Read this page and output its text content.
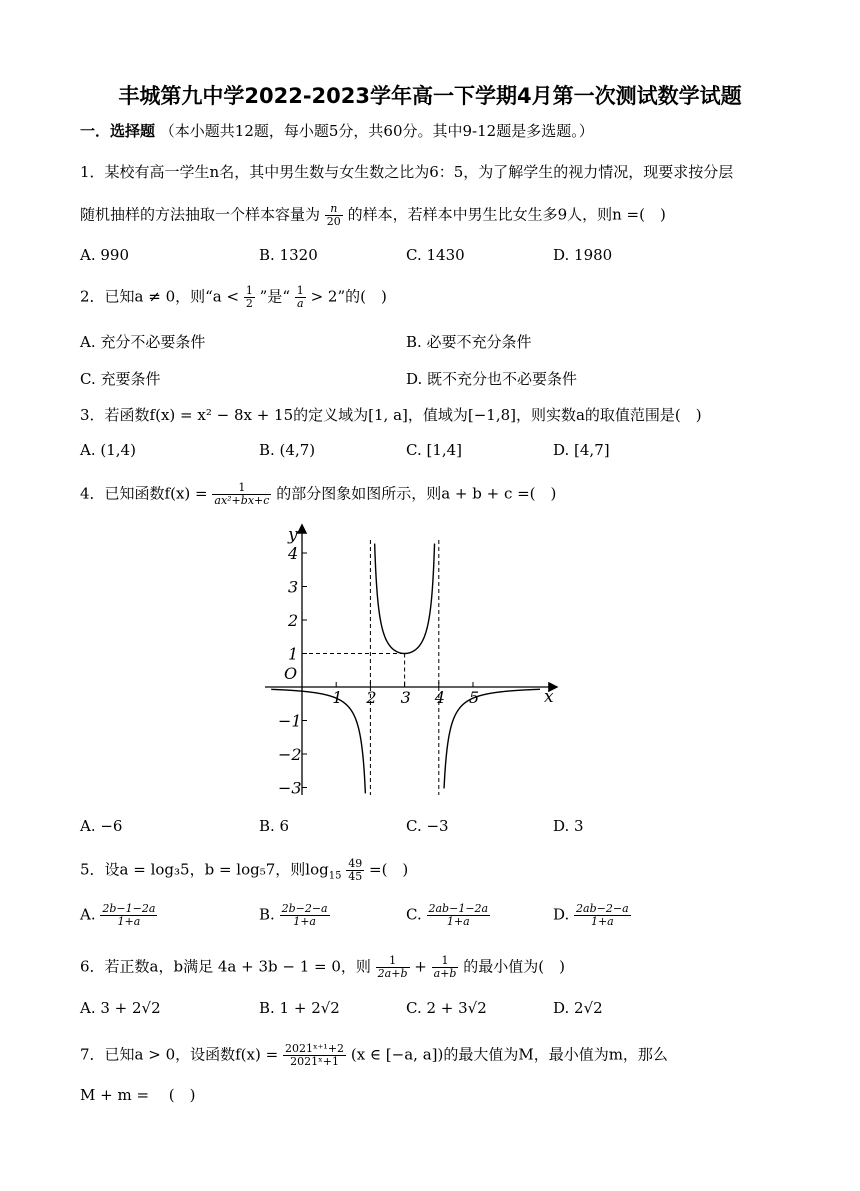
丰城第九中学2022-2023学年高一下学期4月第一次测试数学试题
一．选择题 （本小题共12题，每小题5分，共60分。其中9-12题是多选题。）
1．某校有高一学生n名，其中男生数与女生数之比为6：5，为了解学生的视力情况，现要求按分层
随机抽样的方法抽取一个样本容量为 $\frac{n}{20}$ 的样本，若样本中男生比女生多9人，则n =(　)
A. 990	B. 1320	C. 1430	D. 1980
2．已知a ≠ 0，则“$a < \frac{1}{2}$ ”是“ $\frac{1}{a} > 2$”的(　)
A. 充分不必要条件	B. 必要不充分条件
C. 充要条件	D. 既不充分也不必要条件
3．若函数f(x) = x² − 8x + 15的定义域为[1, a]，值域为[−1,8]，则实数a的取值范围是(　)
A. (1,4)	B. (4,7)	C. [1,4]	D. [4,7]
4．已知函数$f(x) = \frac{1}{\text{ax²+bx+c}}$ 的部分图象如图所示，则a + b + c =(　)
1 2 3 4 5
4
3
2
1
−1
−2
−3
y
x
O
A. −6	B. 6	C. −3	D. 3
5．设a = log₃5，b = log₅7，则$\log_{15} \frac{49}{45}$ =(　)
A. $\frac{2b-1-2a}{1+a}$	B. $\frac{2b-2-a}{1+a}$	C. $\frac{2ab-1-2a}{1+a}$	D. $\frac{2ab-2-a}{1+a}$
6．若正数a，b满足 4a + 3b − 1 = 0，则 $\frac{1}{2a+b} + \frac{1}{a+b}$ 的最小值为(　)
A. 3 + 2√2	B. 1 + 2√2	C. 2 + 3√2	D. 2√2
7．已知a > 0，设函数$f(x) = \frac{\text{2021ˣ⁺¹+2}}{\text{2021ˣ+1}} (x$ ∈ [−a, a])的最大值为M，最小值为m，那么
M + m = 　(　)
